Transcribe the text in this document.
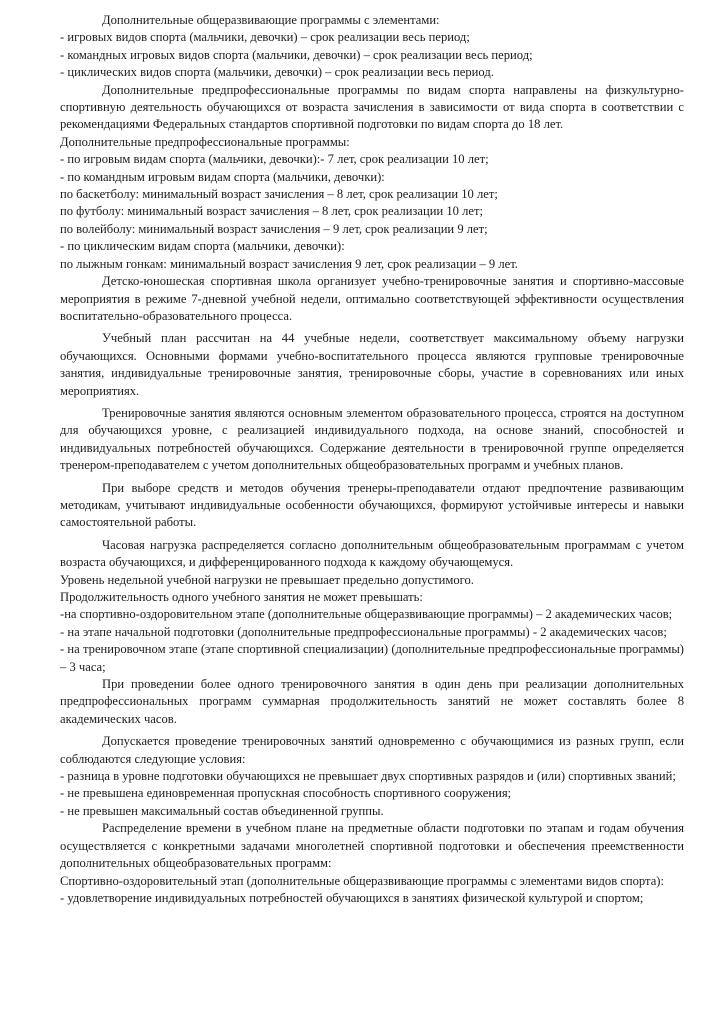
Дополнительные общеразвивающие программы с элементами:

- игровых видов спорта (мальчики, девочки) – срок реализации весь период;

- командных игровых видов спорта (мальчики, девочки) – срок реализации весь период;

- циклических видов спорта (мальчики, девочки) – срок реализации весь период.

Дополнительные предпрофессиональные программы по видам спорта направлены на физкультурно-спортивную деятельность обучающихся от возраста зачисления в зависимости от вида спорта в соответствии с рекомендациями Федеральных стандартов спортивной подготовки по видам спорта до 18 лет.

Дополнительные предпрофессиональные программы:

- по игровым видам спорта (мальчики, девочки):- 7 лет, срок реализации 10 лет;

- по командным игровым видам спорта (мальчики, девочки):

по баскетболу: минимальный возраст зачисления – 8 лет, срок реализации 10 лет;

по футболу: минимальный возраст зачисления – 8 лет, срок реализации 10 лет;

по волейболу: минимальный возраст зачисления – 9 лет, срок реализации 9 лет;

- по циклическим видам спорта (мальчики, девочки):

по лыжным гонкам: минимальный возраст зачисления 9 лет, срок реализации – 9 лет.

Детско-юношеская спортивная школа организует учебно-тренировочные занятия и спортивно-массовые мероприятия в режиме 7-дневной учебной недели, оптимально соответствующей эффективности осуществления воспитательно-образовательного процесса.

Учебный план рассчитан на 44 учебные недели, соответствует максимальному объему нагрузки обучающихся. Основными формами учебно-воспитательного процесса являются групповые тренировочные занятия, индивидуальные тренировочные занятия, тренировочные сборы, участие в соревнованиях или иных мероприятиях.

Тренировочные занятия являются основным элементом образовательного процесса, строятся на доступном для обучающихся уровне, с реализацией индивидуального подхода, на основе знаний, способностей и индивидуальных потребностей обучающихся. Содержание деятельности в тренировочной группе определяется тренером-преподавателем с учетом дополнительных общеобразовательных программ и учебных планов.

При выборе средств и методов обучения тренеры-преподаватели отдают предпочтение развивающим методикам, учитывают индивидуальные особенности обучающихся, формируют устойчивые интересы и навыки самостоятельной работы.

Часовая нагрузка распределяется согласно дополнительным общеобразовательным программам с учетом возраста обучающихся, и дифференцированного подхода к каждому обучающемуся.

Уровень недельной учебной нагрузки не превышает предельно допустимого.

Продолжительность одного учебного занятия не может превышать:

-на спортивно-оздоровительном этапе (дополнительные общеразвивающие программы) – 2 академических часов;

- на этапе начальной подготовки (дополнительные предпрофессиональные программы) - 2 академических часов;

- на тренировочном этапе (этапе спортивной специализации) (дополнительные предпрофессиональные программы) – 3 часа;

При проведении более одного тренировочного занятия в один день при реализации дополнительных предпрофессиональных программ суммарная продолжительность занятий не может составлять более 8 академических часов.

Допускается проведение тренировочных занятий одновременно с обучающимися из разных групп, если соблюдаются следующие условия:

- разница в уровне подготовки обучающихся не превышает двух спортивных разрядов и (или) спортивных званий;

- не превышена единовременная пропускная способность спортивного сооружения;

- не превышен максимальный состав объединенной группы.

Распределение времени в учебном плане на предметные области подготовки по этапам и годам обучения осуществляется с конкретными задачами многолетней спортивной подготовки и обеспечения преемственности дополнительных общеобразовательных программ:

Спортивно-оздоровительный этап (дополнительные общеразвивающие программы с элементами видов спорта):

- удовлетворение индивидуальных потребностей обучающихся в занятиях физической культурой и спортом;
